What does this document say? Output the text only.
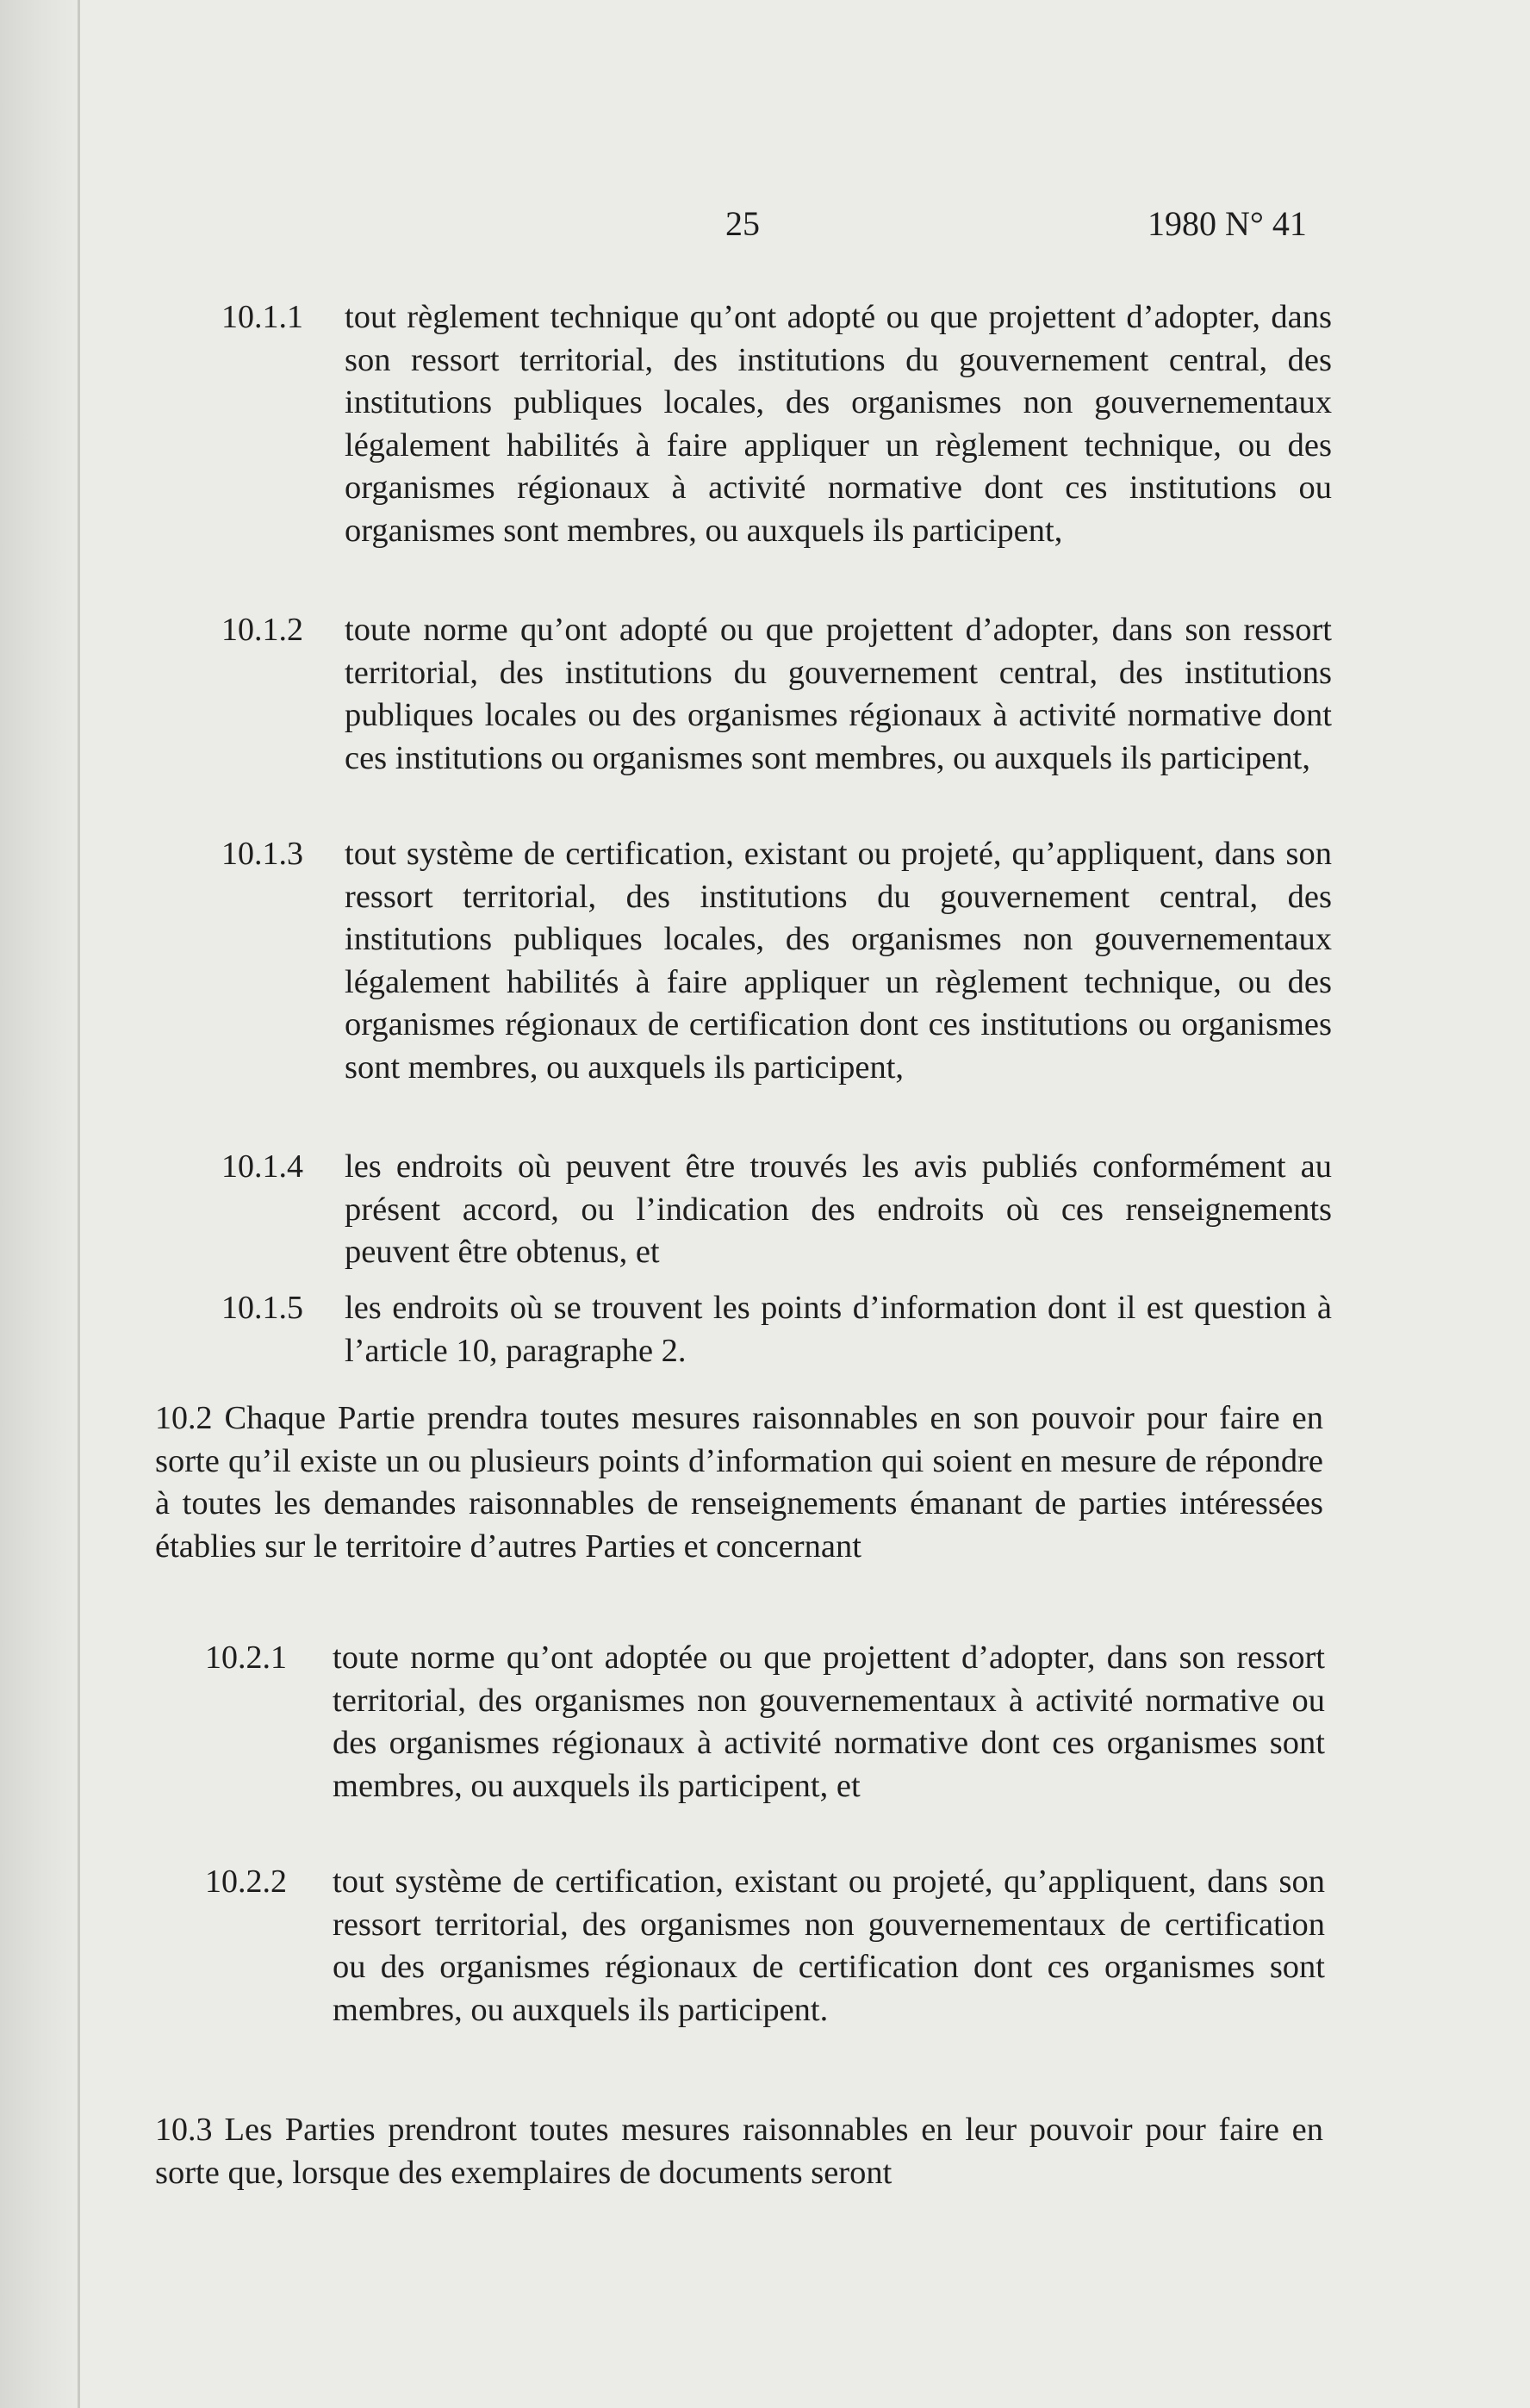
25	1980 N° 41
10.1.1 tout règlement technique qu’ont adopté ou que projettent d’adopter, dans son ressort territorial, des institutions du gouvernement central, des institutions publiques locales, des organismes non gouvernementaux légalement habilités à faire appliquer un règlement technique, ou des organismes régionaux à activité normative dont ces institutions ou organismes sont membres, ou auxquels ils participent,
10.1.2 toute norme qu’ont adopté ou que projettent d’adopter, dans son ressort territorial, des institutions du gouvernement central, des institutions publiques locales ou des organismes régionaux à activité normative dont ces institutions ou organismes sont membres, ou auxquels ils participent,
10.1.3 tout système de certification, existant ou projeté, qu’appliquent, dans son ressort territorial, des institutions du gouvernement central, des institutions publiques locales, des organismes non gouvernementaux légalement habilités à faire appliquer un règlement technique, ou des organismes régionaux de certification dont ces institutions ou organismes sont membres, ou auxquels ils participent,
10.1.4 les endroits où peuvent être trouvés les avis publiés conformément au présent accord, ou l’indication des endroits où ces renseignements peuvent être obtenus, et
10.1.5 les endroits où se trouvent les points d’information dont il est question à l’article 10, paragraphe 2.
10.2 Chaque Partie prendra toutes mesures raisonnables en son pouvoir pour faire en sorte qu’il existe un ou plusieurs points d’information qui soient en mesure de répondre à toutes les demandes raisonnables de renseignements émanant de parties intéressées établies sur le territoire d’autres Parties et concernant
10.2.1 toute norme qu’ont adoptée ou que projettent d’adopter, dans son ressort territorial, des organismes non gouvernementaux à activité normative ou des organismes régionaux à activité normative dont ces organismes sont membres, ou auxquels ils participent, et
10.2.2 tout système de certification, existant ou projeté, qu’appliquent, dans son ressort territorial, des organismes non gouvernementaux de certification ou des organismes régionaux de certification dont ces organismes sont membres, ou auxquels ils participent.
10.3 Les Parties prendront toutes mesures raisonnables en leur pouvoir pour faire en sorte que, lorsque des exemplaires de documents seront
